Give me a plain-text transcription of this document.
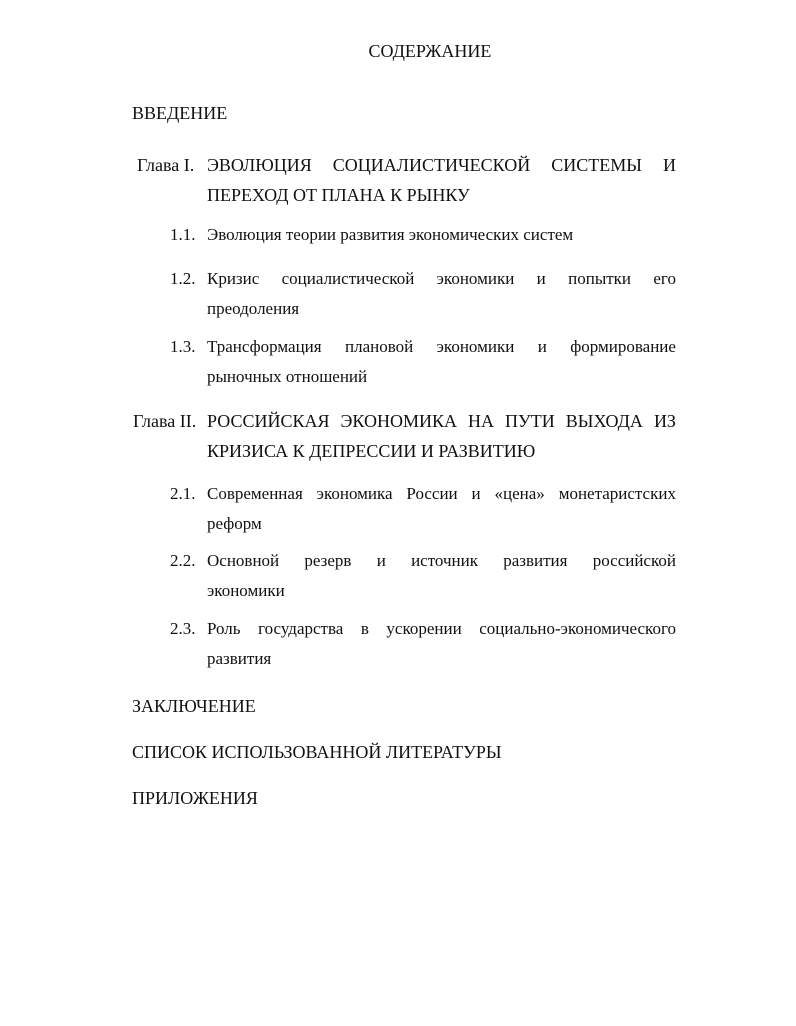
СОДЕРЖАНИЕ
ВВЕДЕНИЕ
Глава I. ЭВОЛЮЦИЯ СОЦИАЛИСТИЧЕСКОЙ СИСТЕМЫ И
ПЕРЕХОД ОТ ПЛАНА К РЫНКУ
1.1. Эволюция теории развития экономических систем
1.2. Кризис социалистической экономики и попытки его
преодоления
1.3. Трансформация плановой экономики и формирование
рыночных отношений
Глава II. РОССИЙСКАЯ ЭКОНОМИКА НА ПУТИ ВЫХОДА ИЗ
КРИЗИСА К ДЕПРЕССИИ И РАЗВИТИЮ
2.1. Современная экономика России и «цена» монетаристских
реформ
2.2. Основной резерв и источник развития российской
экономики
2.3. Роль государства в ускорении социально-экономического
развития
ЗАКЛЮЧЕНИЕ
СПИСОК ИСПОЛЬЗОВАННОЙ ЛИТЕРАТУРЫ
ПРИЛОЖЕНИЯ
